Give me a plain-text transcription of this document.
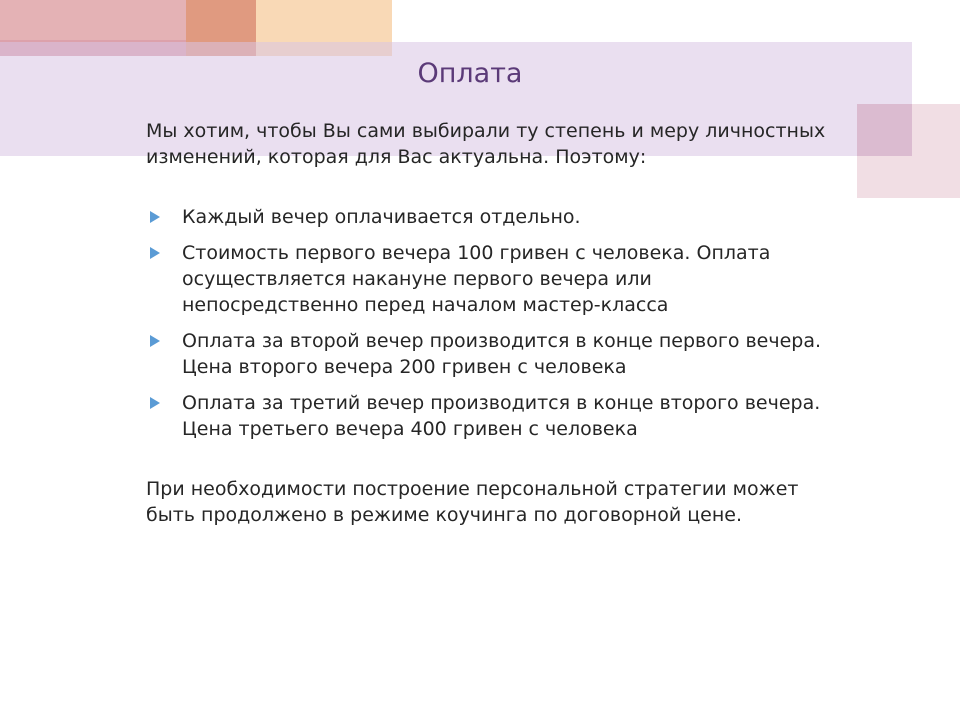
Оплата

Мы хотим, чтобы Вы сами выбирали ту степень и меру личностных изменений, которая для Вас актуальна. Поэтому:

Каждый вечер оплачивается отдельно.
Стоимость первого вечера 100 гривен с человека. Оплата осуществляется накануне первого вечера или непосредственно перед началом мастер-класса
Оплата за второй вечер производится в конце первого вечера. Цена второго вечера 200 гривен с человека
Оплата за третий вечер производится в конце второго вечера. Цена третьего вечера 400 гривен с человека

При необходимости построение персональной стратегии может быть продолжено в режиме коучинга по договорной цене.
